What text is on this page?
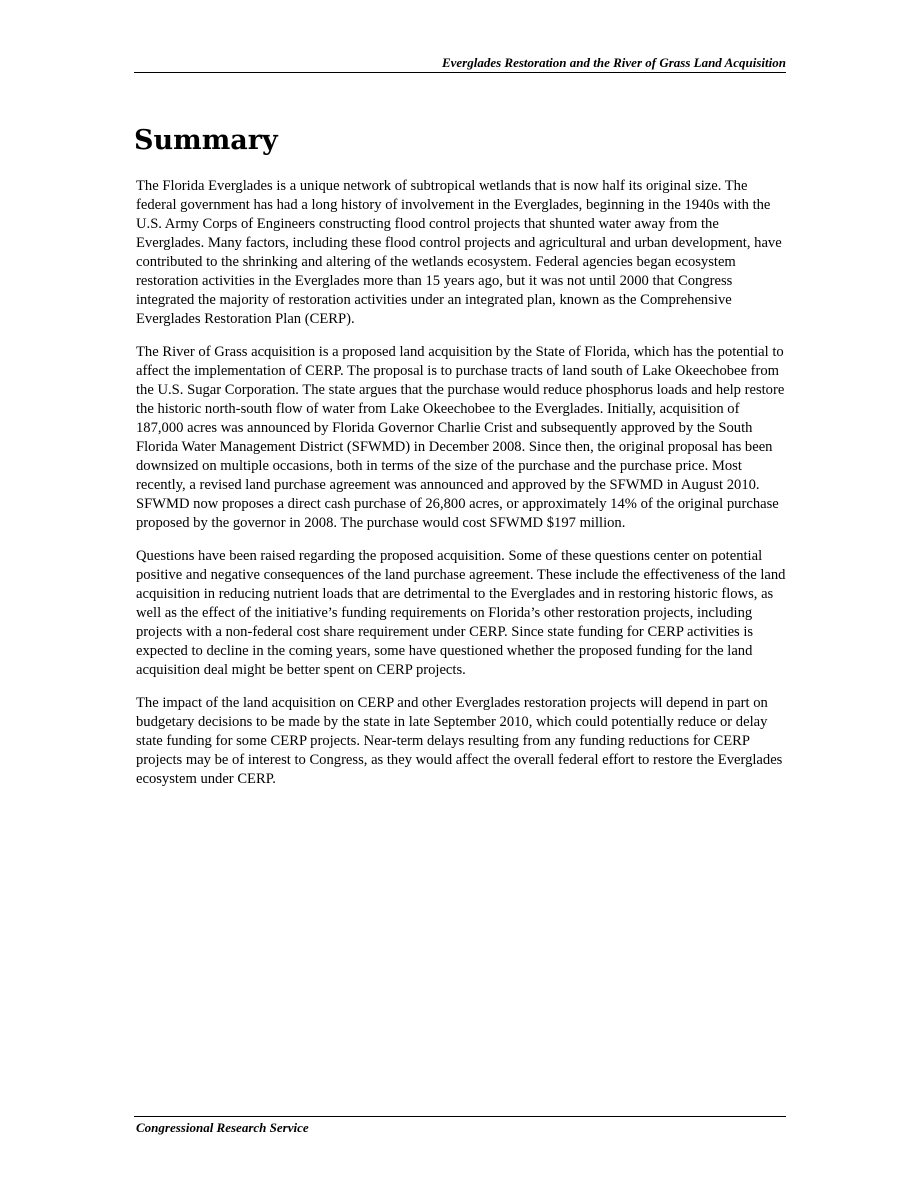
Everglades Restoration and the River of Grass Land Acquisition
Summary

The Florida Everglades is a unique network of subtropical wetlands that is now half its original size. The federal government has had a long history of involvement in the Everglades, beginning in the 1940s with the U.S. Army Corps of Engineers constructing flood control projects that shunted water away from the Everglades. Many factors, including these flood control projects and agricultural and urban development, have contributed to the shrinking and altering of the wetlands ecosystem. Federal agencies began ecosystem restoration activities in the Everglades more than 15 years ago, but it was not until 2000 that Congress integrated the majority of restoration activities under an integrated plan, known as the Comprehensive Everglades Restoration Plan (CERP).

The River of Grass acquisition is a proposed land acquisition by the State of Florida, which has the potential to affect the implementation of CERP. The proposal is to purchase tracts of land south of Lake Okeechobee from the U.S. Sugar Corporation. The state argues that the purchase would reduce phosphorus loads and help restore the historic north-south flow of water from Lake Okeechobee to the Everglades. Initially, acquisition of 187,000 acres was announced by Florida Governor Charlie Crist and subsequently approved by the South Florida Water Management District (SFWMD) in December 2008. Since then, the original proposal has been downsized on multiple occasions, both in terms of the size of the purchase and the purchase price. Most recently, a revised land purchase agreement was announced and approved by the SFWMD in August 2010. SFWMD now proposes a direct cash purchase of 26,800 acres, or approximately 14% of the original purchase proposed by the governor in 2008. The purchase would cost SFWMD $197 million.

Questions have been raised regarding the proposed acquisition. Some of these questions center on potential positive and negative consequences of the land purchase agreement. These include the effectiveness of the land acquisition in reducing nutrient loads that are detrimental to the Everglades and in restoring historic flows, as well as the effect of the initiative’s funding requirements on Florida’s other restoration projects, including projects with a non-federal cost share requirement under CERP. Since state funding for CERP activities is expected to decline in the coming years, some have questioned whether the proposed funding for the land acquisition deal might be better spent on CERP projects.

The impact of the land acquisition on CERP and other Everglades restoration projects will depend in part on budgetary decisions to be made by the state in late September 2010, which could potentially reduce or delay state funding for some CERP projects. Near-term delays resulting from any funding reductions for CERP projects may be of interest to Congress, as they would affect the overall federal effort to restore the Everglades ecosystem under CERP.

Congressional Research Service
